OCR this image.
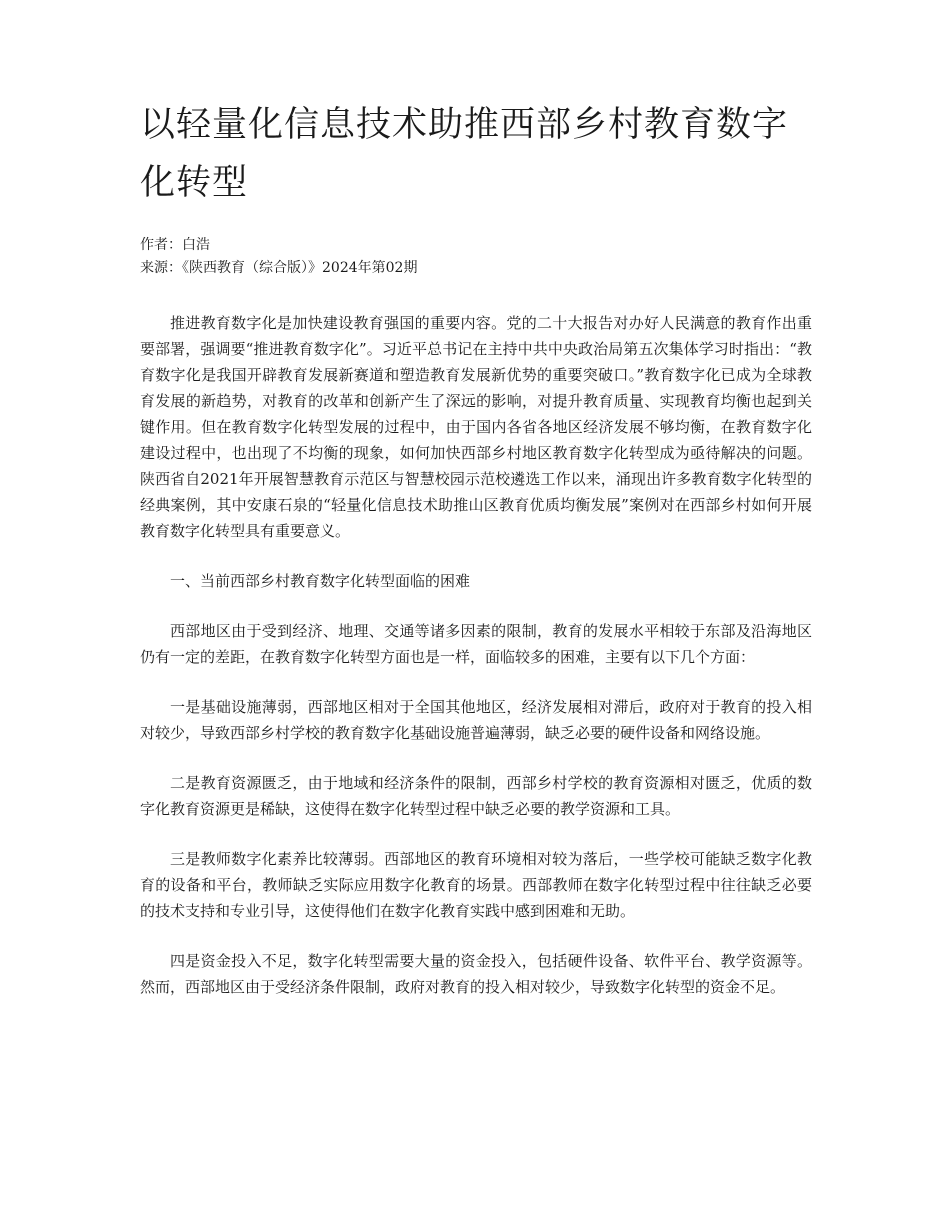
以轻量化信息技术助推西部乡村教育数字化转型
作者：白浩
来源：《陕西教育（综合版）》2024年第02期

推进教育数字化是加快建设教育强国的重要内容。党的二十大报告对办好人民满意的教育作出重要部署，强调要“推进教育数字化”。习近平总书记在主持中共中央政治局第五次集体学习时指出：“教育数字化是我国开辟教育发展新赛道和塑造教育发展新优势的重要突破口。”教育数字化已成为全球教育发展的新趋势，对教育的改革和创新产生了深远的影响，对提升教育质量、实现教育均衡也起到关键作用。但在教育数字化转型发展的过程中，由于国内各省各地区经济发展不够均衡，在教育数字化建设过程中，也出现了不均衡的现象，如何加快西部乡村地区教育数字化转型成为亟待解决的问题。陕西省自2021年开展智慧教育示范区与智慧校园示范校遴选工作以来，涌现出许多教育数字化转型的经典案例，其中安康石泉的“轻量化信息技术助推山区教育优质均衡发展”案例对在西部乡村如何开展教育数字化转型具有重要意义。

一、当前西部乡村教育数字化转型面临的困难

西部地区由于受到经济、地理、交通等诸多因素的限制，教育的发展水平相较于东部及沿海地区仍有一定的差距，在教育数字化转型方面也是一样，面临较多的困难，主要有以下几个方面：

一是基础设施薄弱，西部地区相对于全国其他地区，经济发展相对滞后，政府对于教育的投入相对较少，导致西部乡村学校的教育数字化基础设施普遍薄弱，缺乏必要的硬件设备和网络设施。

二是教育资源匮乏，由于地域和经济条件的限制，西部乡村学校的教育资源相对匮乏，优质的数字化教育资源更是稀缺，这使得在数字化转型过程中缺乏必要的教学资源和工具。

三是教师数字化素养比较薄弱。西部地区的教育环境相对较为落后，一些学校可能缺乏数字化教育的设备和平台，教师缺乏实际应用数字化教育的场景。西部教师在数字化转型过程中往往缺乏必要的技术支持和专业引导，这使得他们在数字化教育实践中感到困难和无助。

四是资金投入不足，数字化转型需要大量的资金投入，包括硬件设备、软件平台、教学资源等。然而，西部地区由于受经济条件限制，政府对教育的投入相对较少，导致数字化转型的资金不足。
